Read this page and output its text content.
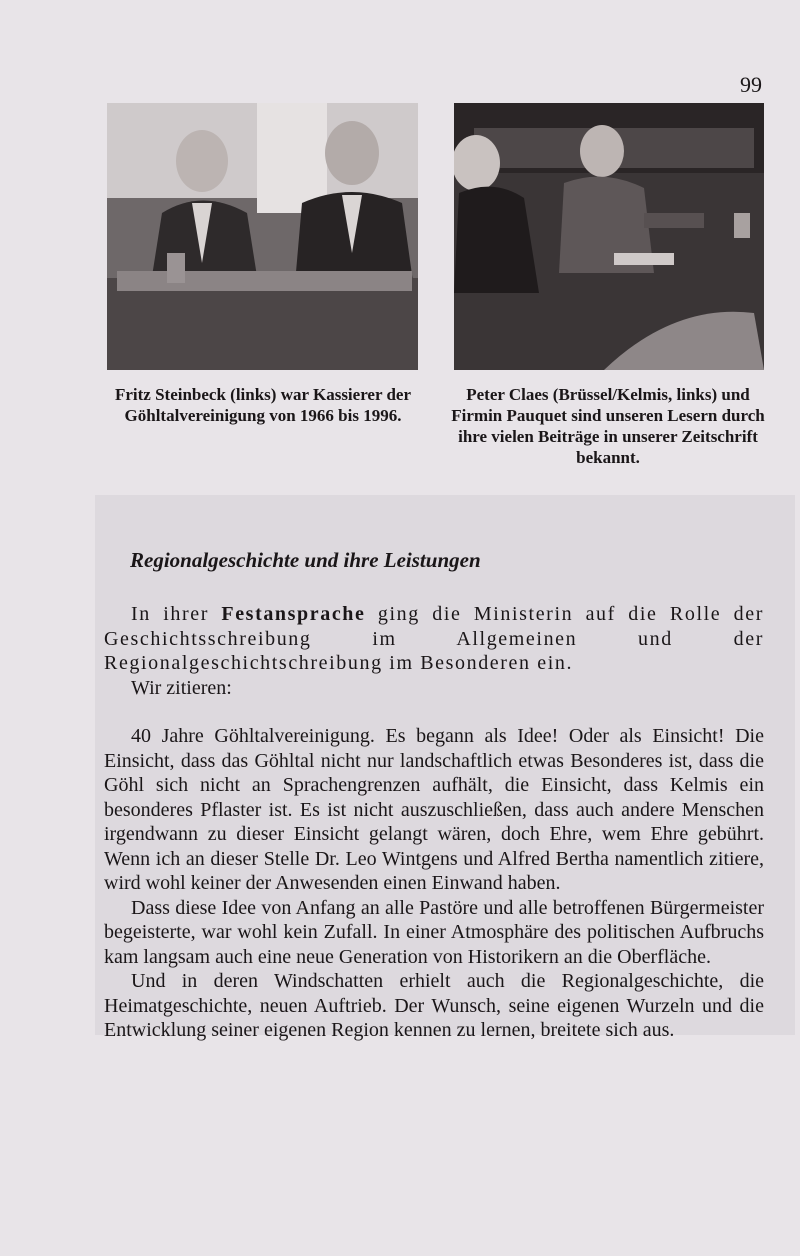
99
Fritz Steinbeck (links) war Kassierer der Göhltalvereinigung von 1966 bis 1996.
Peter Claes (Brüssel/Kelmis, links) und Firmin Pauquet sind unseren Lesern durch ihre vielen Beiträge in unserer Zeitschrift bekannt.
Regionalgeschichte und ihre Leistungen

In ihrer Festansprache ging die Ministerin auf die Rolle der Geschichtsschreibung im Allgemeinen und der Regionalgeschichtschreibung im Besonderen ein.

Wir zitieren:

40 Jahre Göhltalvereinigung. Es begann als Idee! Oder als Einsicht! Die Einsicht, dass das Göhltal nicht nur landschaftlich etwas Besonderes ist, dass die Göhl sich nicht an Sprachengrenzen aufhält, die Einsicht, dass Kelmis ein besonderes Pflaster ist. Es ist nicht auszuschließen, dass auch andere Menschen irgendwann zu dieser Einsicht gelangt wären, doch Ehre, wem Ehre gebührt. Wenn ich an dieser Stelle Dr. Leo Wintgens und Alfred Bertha namentlich zitiere, wird wohl keiner der Anwesenden einen Einwand haben.

Dass diese Idee von Anfang an alle Pastöre und alle betroffenen Bürgermeister begeisterte, war wohl kein Zufall. In einer Atmosphäre des politischen Aufbruchs kam langsam auch eine neue Generation von Historikern an die Oberfläche.

Und in deren Windschatten erhielt auch die Regionalgeschichte, die Heimatgeschichte, neuen Auftrieb. Der Wunsch, seine eigenen Wurzeln und die Entwicklung seiner eigenen Region kennen zu lernen, breitete sich aus.
